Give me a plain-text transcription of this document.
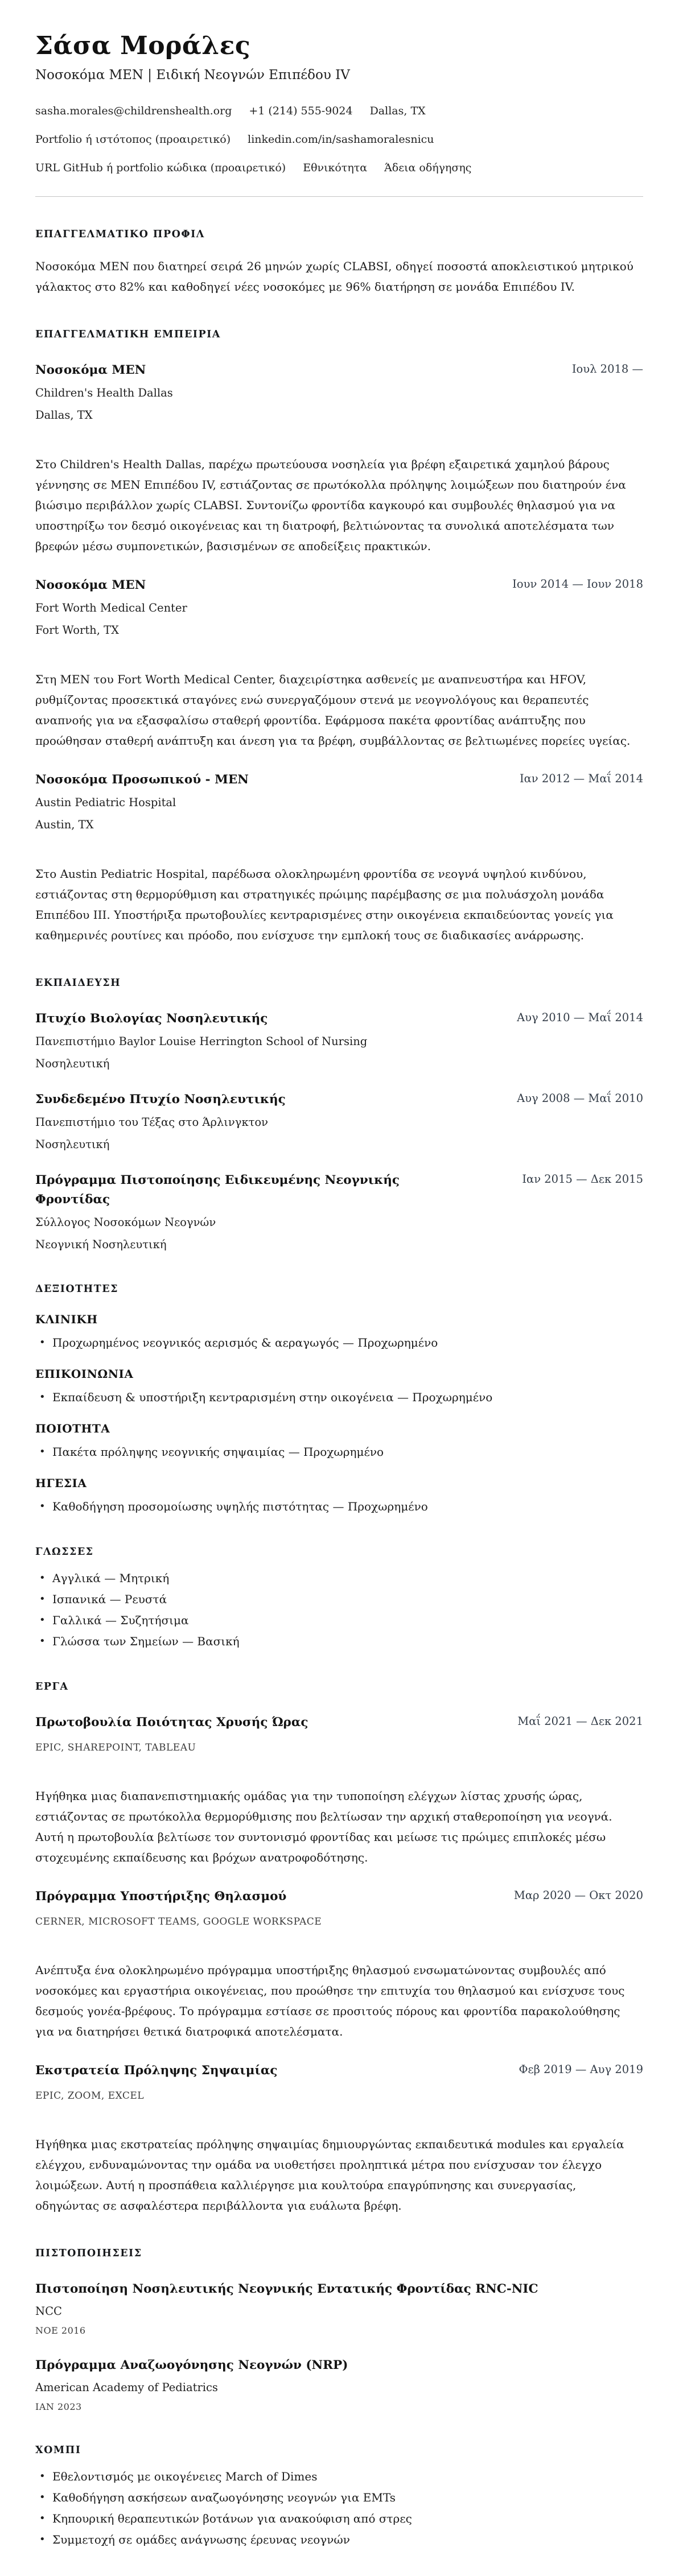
Σάσα Μοράλες
Νοσοκόμα ΜΕΝ | Ειδική Νεογνών Επιπέδου IV
sasha.morales@childrenshealth.org +1 (214) 555-9024 Dallas, TX
Portfolio ή ιστότοπος (προαιρετικό) linkedin.com/in/sashamoralesnicu
URL GitHub ή portfolio κώδικα (προαιρετικό) Εθνικότητα Άδεια οδήγησης
ΕΠΑΓΓΕΛΜΑΤΙΚΟ ΠΡΟΦΙΛ
Νοσοκόμα ΜΕΝ που διατηρεί σειρά 26 μηνών χωρίς CLABSI, οδηγεί ποσοστά αποκλειστικού μητρικού γάλακτος στο 82% και καθοδηγεί νέες νοσοκόμες με 96% διατήρηση σε μονάδα Επιπέδου IV.
ΕΠΑΓΓΕΛΜΑΤΙΚΗ ΕΜΠΕΙΡΙΑ
Νοσοκόμα ΜΕΝ	Ιουλ 2018 —
Children's Health Dallas
Dallas, TX
Στο Children's Health Dallas, παρέχω πρωτεύουσα νοσηλεία για βρέφη εξαιρετικά χαμηλού βάρους γέννησης σε ΜΕΝ Επιπέδου IV, εστιάζοντας σε πρωτόκολλα πρόληψης λοιμώξεων που διατηρούν ένα βιώσιμο περιβάλλον χωρίς CLABSI. Συντονίζω φροντίδα καγκουρό και συμβουλές θηλασμού για να υποστηρίξω τον δεσμό οικογένειας και τη διατροφή, βελτιώνοντας τα συνολικά αποτελέσματα των βρεφών μέσω συμπονετικών, βασισμένων σε αποδείξεις πρακτικών.
Νοσοκόμα ΜΕΝ	Ιουν 2014 — Ιουν 2018
Fort Worth Medical Center
Fort Worth, TX
Στη ΜΕΝ του Fort Worth Medical Center, διαχειρίστηκα ασθενείς με αναπνευστήρα και HFOV, ρυθμίζοντας προσεκτικά σταγόνες ενώ συνεργαζόμουν στενά με νεογνολόγους και θεραπευτές αναπνοής για να εξασφαλίσω σταθερή φροντίδα. Εφάρμοσα πακέτα φροντίδας ανάπτυξης που προώθησαν σταθερή ανάπτυξη και άνεση για τα βρέφη, συμβάλλοντας σε βελτιωμένες πορείες υγείας.
Νοσοκόμα Προσωπικού - ΜΕΝ	Ιαν 2012 — Μαΐ 2014
Austin Pediatric Hospital
Austin, TX
Στο Austin Pediatric Hospital, παρέδωσα ολοκληρωμένη φροντίδα σε νεογνά υψηλού κινδύνου, εστιάζοντας στη θερμορύθμιση και στρατηγικές πρώιμης παρέμβασης σε μια πολυάσχολη μονάδα Επιπέδου III. Υποστήριξα πρωτοβουλίες κεντραρισμένες στην οικογένεια εκπαιδεύοντας γονείς για καθημερινές ρουτίνες και πρόοδο, που ενίσχυσε την εμπλοκή τους σε διαδικασίες ανάρρωσης.
ΕΚΠΑΙΔΕΥΣΗ
Πτυχίο Βιολογίας Νοσηλευτικής	Αυγ 2010 — Μαΐ 2014
Πανεπιστήμιο Baylor Louise Herrington School of Nursing
Νοσηλευτική
Συνδεδεμένο Πτυχίο Νοσηλευτικής	Αυγ 2008 — Μαΐ 2010
Πανεπιστήμιο του Τέξας στο Άρλινγκτον
Νοσηλευτική
Πρόγραμμα Πιστοποίησης Ειδικευμένης Νεογνικής Φροντίδας
Ιαν 2015 — Δεκ 2015
Σύλλογος Νοσοκόμων Νεογνών
Νεογνική Νοσηλευτική
ΔΕΞΙΟΤΗΤΕΣ
ΚΛΙΝΙΚΗ
• Προχωρημένος νεογνικός αερισμός & αεραγωγός — Προχωρημένο
ΕΠΙΚΟΙΝΩΝΙΑ
• Εκπαίδευση & υποστήριξη κεντραρισμένη στην οικογένεια — Προχωρημένο
ΠΟΙΟΤΗΤΑ
• Πακέτα πρόληψης νεογνικής σηψαιμίας — Προχωρημένο
ΗΓΕΣΙΑ
• Καθοδήγηση προσομοίωσης υψηλής πιστότητας — Προχωρημένο
ΓΛΩΣΣΕΣ
• Αγγλικά — Μητρική
• Ισπανικά — Ρευστά
• Γαλλικά — Συζητήσιμα
• Γλώσσα των Σημείων — Βασική
ΕΡΓΑ
Πρωτοβουλία Ποιότητας Χρυσής Ώρας	Μαΐ 2021 — Δεκ 2021
EPIC, SHAREPOINT, TABLEAU
Ηγήθηκα μιας διαπανεπιστημιακής ομάδας για την τυποποίηση ελέγχων λίστας χρυσής ώρας, εστιάζοντας σε πρωτόκολλα θερμορύθμισης που βελτίωσαν την αρχική σταθεροποίηση για νεογνά. Αυτή η πρωτοβουλία βελτίωσε τον συντονισμό φροντίδας και μείωσε τις πρώιμες επιπλοκές μέσω στοχευμένης εκπαίδευσης και βρόχων ανατροφοδότησης.
Πρόγραμμα Υποστήριξης Θηλασμού	Μαρ 2020 — Οκτ 2020
CERNER, MICROSOFT TEAMS, GOOGLE WORKSPACE
Ανέπτυξα ένα ολοκληρωμένο πρόγραμμα υποστήριξης θηλασμού ενσωματώνοντας συμβουλές από νοσοκόμες και εργαστήρια οικογένειας, που προώθησε την επιτυχία του θηλασμού και ενίσχυσε τους δεσμούς γονέα-βρέφους. Το πρόγραμμα εστίασε σε προσιτούς πόρους και φροντίδα παρακολούθησης για να διατηρήσει θετικά διατροφικά αποτελέσματα.
Εκστρατεία Πρόληψης Σηψαιμίας	Φεβ 2019 — Αυγ 2019
EPIC, ZOOM, EXCEL
Ηγήθηκα μιας εκστρατείας πρόληψης σηψαιμίας δημιουργώντας εκπαιδευτικά modules και εργαλεία ελέγχου, ενδυναμώνοντας την ομάδα να υιοθετήσει προληπτικά μέτρα που ενίσχυσαν τον έλεγχο λοιμώξεων. Αυτή η προσπάθεια καλλιέργησε μια κουλτούρα επαγρύπνησης και συνεργασίας, οδηγώντας σε ασφαλέστερα περιβάλλοντα για ευάλωτα βρέφη.
ΠΙΣΤΟΠΟΙΗΣΕΙΣ
Πιστοποίηση Νοσηλευτικής Νεογνικής Εντατικής Φροντίδας RNC-NIC
NCC
ΝΟΕ 2016
Πρόγραμμα Αναζωογόνησης Νεογνών (NRP)
American Academy of Pediatrics
ΙΑΝ 2023
ΧΟΜΠΙ
• Εθελοντισμός με οικογένειες March of Dimes
• Καθοδήγηση ασκήσεων αναζωογόνησης νεογνών για EMTs
• Κηπουρική θεραπευτικών βοτάνων για ανακούφιση από στρες
• Συμμετοχή σε ομάδες ανάγνωσης έρευνας νεογνών
